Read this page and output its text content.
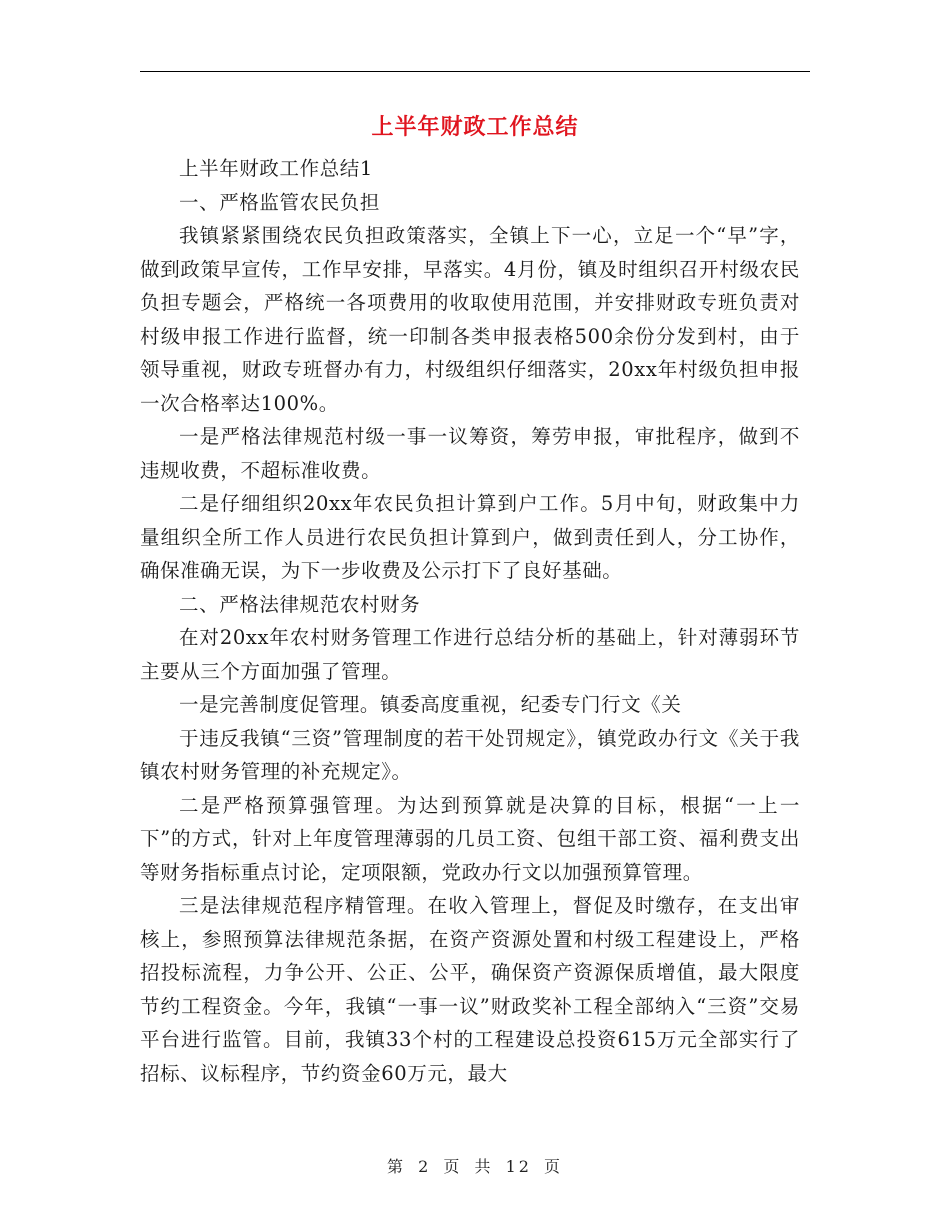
上半年财政工作总结

上半年财政工作总结1

一、严格监管农民负担

我镇紧紧围绕农民负担政策落实，全镇上下一心，立足一个“早”字，做到政策早宣传，工作早安排，早落实。4月份，镇及时组织召开村级农民负担专题会，严格统一各项费用的收取使用范围，并安排财政专班负责对村级申报工作进行监督，统一印制各类申报表格500余份分发到村，由于领导重视，财政专班督办有力，村级组织仔细落实，20xx年村级负担申报一次合格率达100%。

一是严格法律规范村级一事一议筹资，筹劳申报，审批程序，做到不违规收费，不超标准收费。

二是仔细组织20xx年农民负担计算到户工作。5月中旬，财政集中力量组织全所工作人员进行农民负担计算到户，做到责任到人，分工协作，确保准确无误，为下一步收费及公示打下了良好基础。

二、严格法律规范农村财务

在对20xx年农村财务管理工作进行总结分析的基础上，针对薄弱环节主要从三个方面加强了管理。

一是完善制度促管理。镇委高度重视，纪委专门行文《关

于违反我镇“三资”管理制度的若干处罚规定》，镇党政办行文《关于我镇农村财务管理的补充规定》。

二是严格预算强管理。为达到预算就是决算的目标，根据“一上一下”的方式，针对上年度管理薄弱的几员工资、包组干部工资、福利费支出等财务指标重点讨论，定项限额，党政办行文以加强预算管理。

三是法律规范程序精管理。在收入管理上，督促及时缴存，在支出审核上，参照预算法律规范条据，在资产资源处置和村级工程建设上，严格招投标流程，力争公开、公正、公平，确保资产资源保质增值，最大限度节约工程资金。今年，我镇“一事一议”财政奖补工程全部纳入“三资”交易平台进行监管。目前，我镇33个村的工程建设总投资615万元全部实行了招标、议标程序，节约资金60万元，最大

第 2 页 共 12 页
